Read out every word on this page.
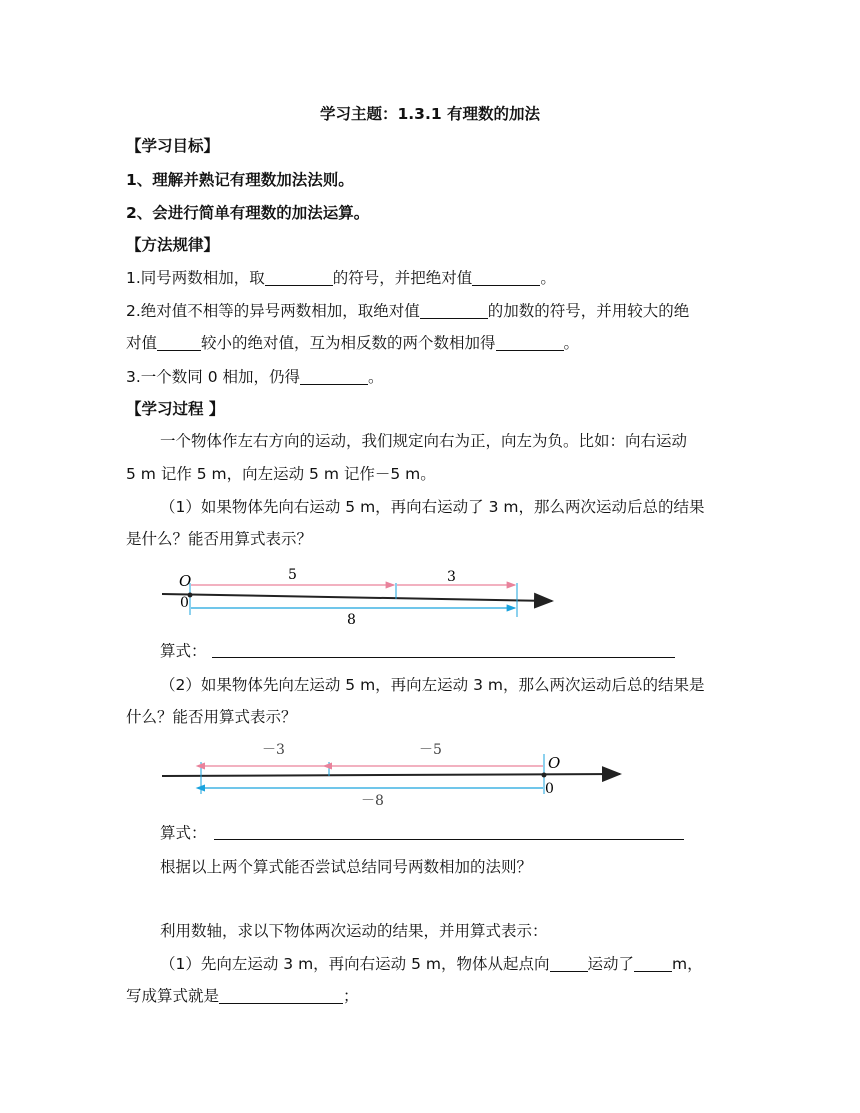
学习主题：1.3.1 有理数的加法
【学习目标】
1、理解并熟记有理数加法法则。
2、会进行简单有理数的加法运算。
【方法规律】
1.同号两数相加，取	的符号，并把绝对值	。
2.绝对值不相等的异号两数相加，取绝对值	的加数的符号，并用较大的绝
对值	较小的绝对值，互为相反数的两个数相加得	。
3.一个数同 0 相加，仍得	。
【学习过程 】
一个物体作左右方向的运动，我们规定向右为正，向左为负。比如：向右运动
5 m 记作 5 m，向左运动 5 m 记作－5 m。
（1）如果物体先向右运动 5 m，再向右运动了 3 m，那么两次运动后总的结果
是什么？能否用算式表示？
O
0
5	3
8
算式：
（2）如果物体先向左运动 5 m，再向左运动 3 m，那么两次运动后总的结果是
什么？能否用算式表示？
O
0
－3	－5
－8
算式：
根据以上两个算式能否尝试总结同号两数相加的法则？
利用数轴，求以下物体两次运动的结果，并用算式表示：
（1）先向左运动 3 m，再向右运动 5 m，物体从起点向 运动了 m，
写成算式就是	；
